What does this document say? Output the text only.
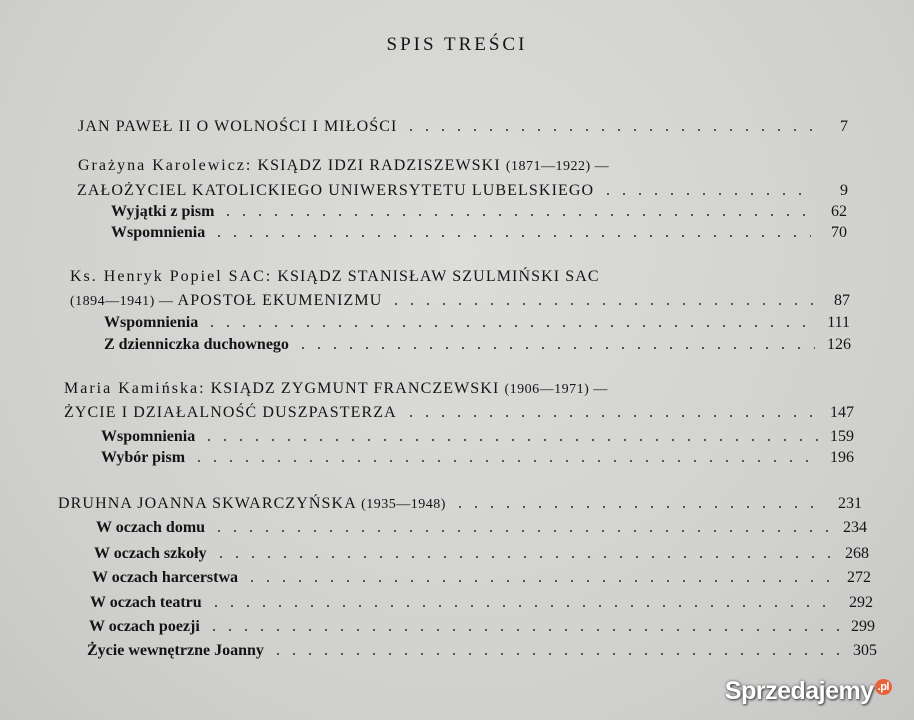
SPIS TREŚCI
JAN PAWEŁ II O WOLNOŚCI I MIŁOŚCI	7
Grażyna Karolewicz: KSIĄDZ IDZI RADZISZEWSKI (1871—1922) —
ZAŁOŻYCIEL KATOLICKIEGO UNIWERSYTETU LUBELSKIEGO	9
Wyjątki z pism	62
Wspomnienia	70
Ks. Henryk Popiel SAC: KSIĄDZ STANISŁAW SZULMIŃSKI SAC
(1894—1941) — APOSTOŁ EKUMENIZMU	87
Wspomnienia	111
Z dzienniczka duchownego	126
Maria Kamińska: KSIĄDZ ZYGMUNT FRANCZEWSKI (1906—1971) —
ŻYCIE I DZIAŁALNOŚĆ DUSZPASTERZA	147
Wspomnienia	159
Wybór pism	196
DRUHNA JOANNA SKWARCZYŃSKA (1935—1948)	231
W oczach domu	234
W oczach szkoły	268
W oczach harcerstwa	272
W oczach teatru	292
W oczach poezji	299
Życie wewnętrzne Joanny	305
Sprzedajemy $^{.pl}$
